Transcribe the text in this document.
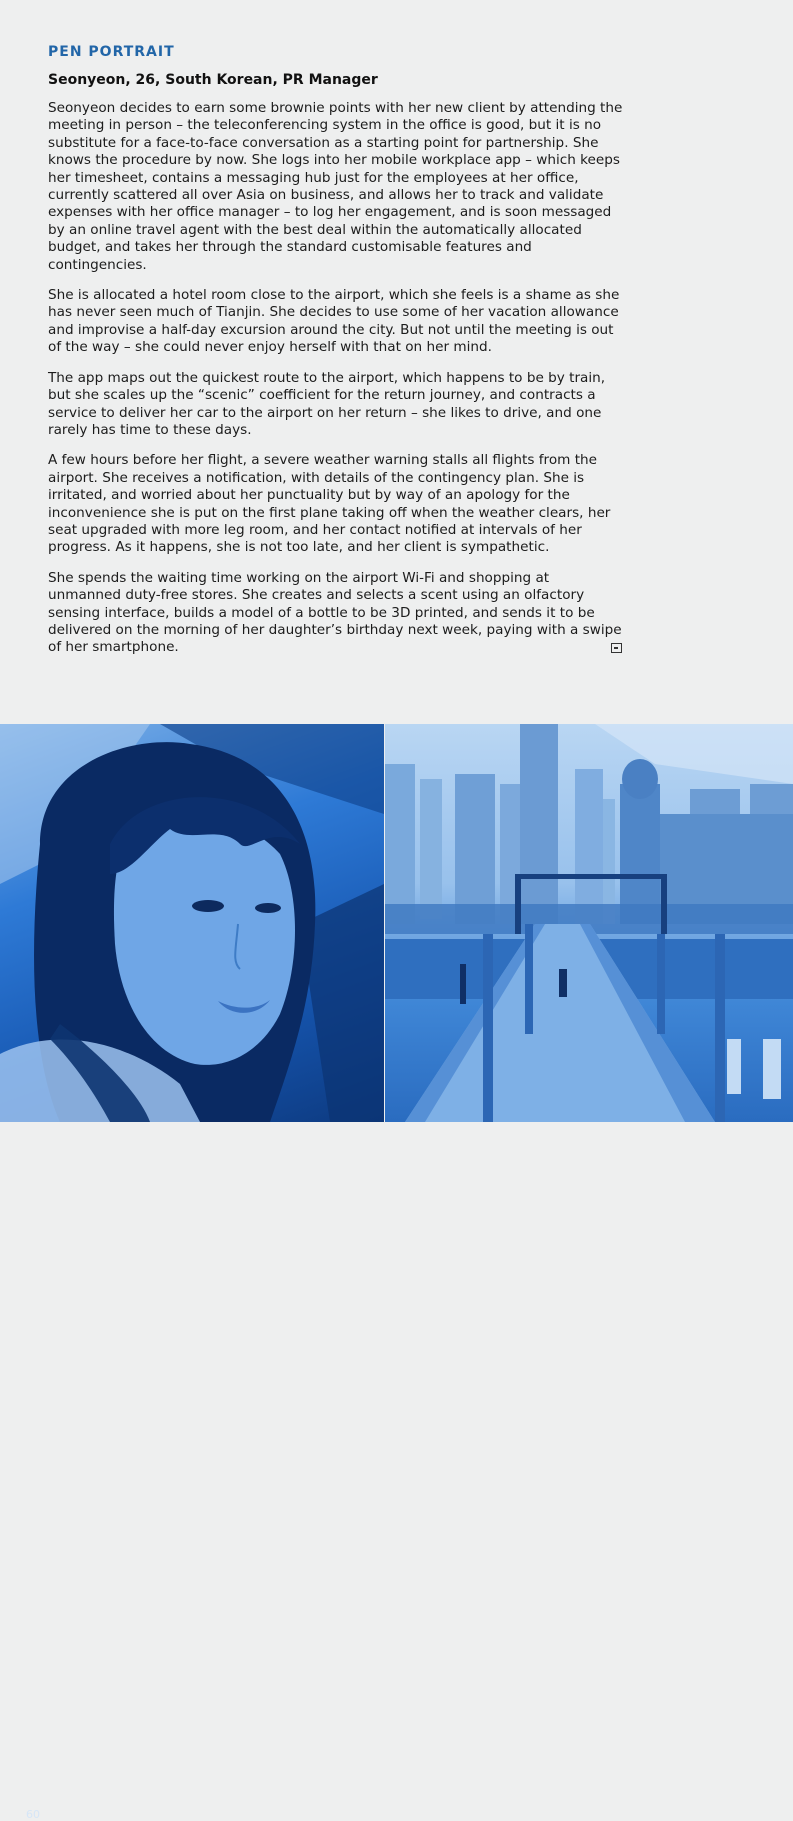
PEN PORTRAIT
Seonyeon, 26, South Korean, PR Manager

Seonyeon decides to earn some brownie points with her new client by attending the meeting in person – the teleconferencing system in the office is good, but it is no substitute for a face-to-face conversation as a starting point for partnership. She knows the procedure by now. She logs into her mobile workplace app – which keeps her timesheet, contains a messaging hub just for the employees at her office, currently scattered all over Asia on business, and allows her to track and validate expenses with her office manager – to log her engagement, and is soon messaged by an online travel agent with the best deal within the automatically allocated budget, and takes her through the standard customisable features and contingencies.

She is allocated a hotel room close to the airport, which she feels is a shame as she has never seen much of Tianjin. She decides to use some of her vacation allowance and improvise a half-day excursion around the city. But not until the meeting is out of the way – she could never enjoy herself with that on her mind.

The app maps out the quickest route to the airport, which happens to be by train, but she scales up the “scenic” coefficient for the return journey, and contracts a service to deliver her car to the airport on her return – she likes to drive, and one rarely has time to these days.

A few hours before her flight, a severe weather warning stalls all flights from the airport. She receives a notification, with details of the contingency plan. She is irritated, and worried about her punctuality but by way of an apology for the inconvenience she is put on the first plane taking off when the weather clears, her seat upgraded with more leg room, and her contact notified at intervals of her progress. As it happens, she is not too late, and her client is sympathetic.

She spends the waiting time working on the airport Wi-Fi and shopping at unmanned duty-free stores. She creates and selects a scent using an olfactory sensing interface, builds a model of a bottle to be 3D printed, and sends it to be delivered on the morning of her daughter’s birthday next week, paying with a swipe of her smartphone.

60
